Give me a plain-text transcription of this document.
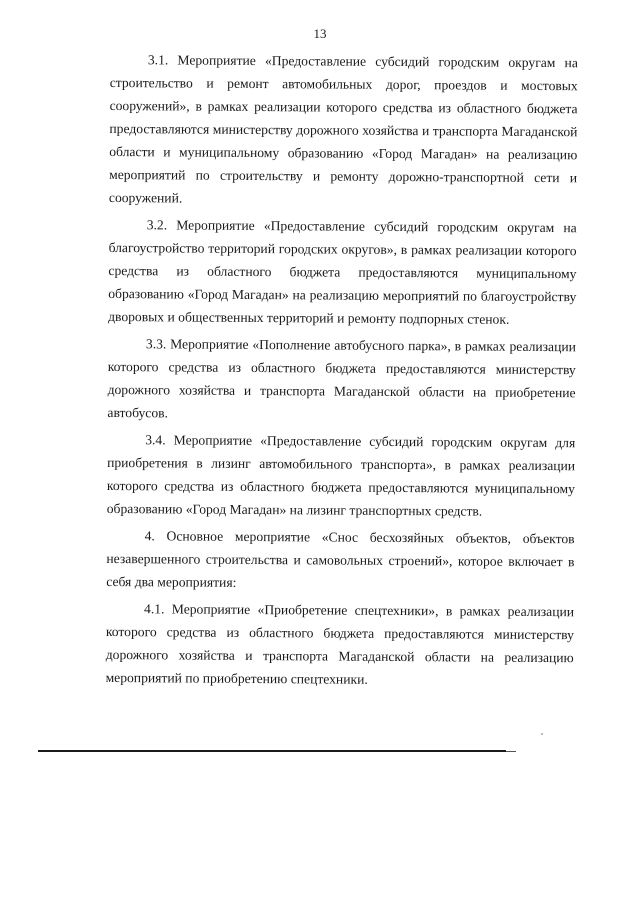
13

3.1. Мероприятие «Предоставление субсидий городским округам на строительство и ремонт автомобильных дорог, проездов и мостовых сооружений», в рамках реализации которого средства из областного бюджета предоставляются министерству дорожного хозяйства и транспорта Магаданской области и муниципальному образованию «Город Магадан» на реализацию мероприятий по строительству и ремонту дорожно-транспортной сети и сооружений.

3.2. Мероприятие «Предоставление субсидий городским округам на благоустройство территорий городских округов», в рамках реализации которого средства из областного бюджета предоставляются муниципальному образованию «Город Магадан» на реализацию мероприятий по благоустройству дворовых и общественных территорий и ремонту подпорных стенок.

3.3. Мероприятие «Пополнение автобусного парка», в рамках реализации которого средства из областного бюджета предоставляются министерству дорожного хозяйства и транспорта Магаданской области на приобретение автобусов.

3.4. Мероприятие «Предоставление субсидий городским округам для приобретения в лизинг автомобильного транспорта», в рамках реализации которого средства из областного бюджета предоставляются муниципальному образованию «Город Магадан» на лизинг транспортных средств.

4. Основное мероприятие «Снос бесхозяйных объектов, объектов незавершенного строительства и самовольных строений», которое включает в себя два мероприятия:

4.1. Мероприятие «Приобретение спецтехники», в рамках реализации которого средства из областного бюджета предоставляются министерству дорожного хозяйства и транспорта Магаданской области на реализацию мероприятий по приобретению спецтехники.
